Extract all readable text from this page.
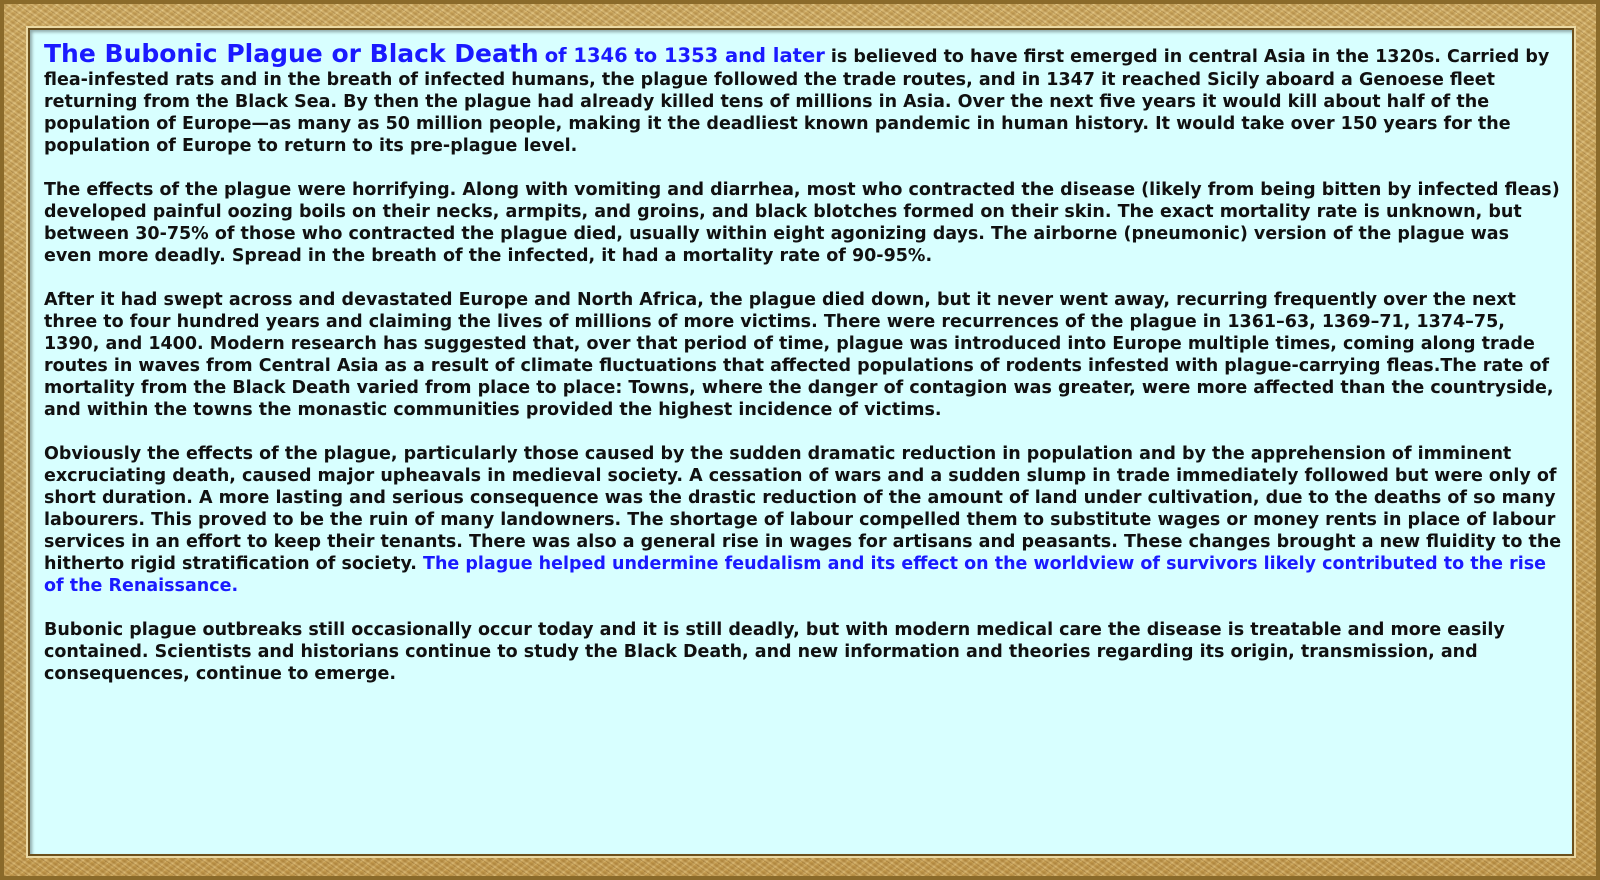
The Bubonic Plague or Black Death of 1346 to 1353 and later is believed to have first emerged in central Asia in the 1320s. Carried by flea-infested rats and in the breath of infected humans, the plague followed the trade routes, and in 1347 it reached Sicily aboard a Genoese fleet returning from the Black Sea. By then the plague had already killed tens of millions in Asia. Over the next five years it would kill about half of the population of Europe—as many as 50 million people, making it the deadliest known pandemic in human history. It would take over 150 years for the population of Europe to return to its pre-plague level.

The effects of the plague were horrifying. Along with vomiting and diarrhea, most who contracted the disease (likely from being bitten by infected fleas) developed painful oozing boils on their necks, armpits, and groins, and black blotches formed on their skin. The exact mortality rate is unknown, but between 30-75% of those who contracted the plague died, usually within eight agonizing days. The airborne (pneumonic) version of the plague was even more deadly. Spread in the breath of the infected, it had a mortality rate of 90-95%.

After it had swept across and devastated Europe and North Africa, the plague died down, but it never went away, recurring frequently over the next three to four hundred years and claiming the lives of millions of more victims. There were recurrences of the plague in 1361–63, 1369–71, 1374–75, 1390, and 1400. Modern research has suggested that, over that period of time, plague was introduced into Europe multiple times, coming along trade routes in waves from Central Asia as a result of climate fluctuations that affected populations of rodents infested with plague-carrying fleas.The rate of mortality from the Black Death varied from place to place: Towns, where the danger of contagion was greater, were more affected than the countryside, and within the towns the monastic communities provided the highest incidence of victims.

Obviously the effects of the plague, particularly those caused by the sudden dramatic reduction in population and by the apprehension of imminent excruciating death, caused major upheavals in medieval society. A cessation of wars and a sudden slump in trade immediately followed but were only of short duration. A more lasting and serious consequence was the drastic reduction of the amount of land under cultivation, due to the deaths of so many labourers. This proved to be the ruin of many landowners. The shortage of labour compelled them to substitute wages or money rents in place of labour services in an effort to keep their tenants. There was also a general rise in wages for artisans and peasants. These changes brought a new fluidity to the hitherto rigid stratification of society. The plague helped undermine feudalism and its effect on the worldview of survivors likely contributed to the rise of the Renaissance.

Bubonic plague outbreaks still occasionally occur today and it is still deadly, but with modern medical care the disease is treatable and more easily contained. Scientists and historians continue to study the Black Death, and new information and theories regarding its origin, transmission, and consequences, continue to emerge.
